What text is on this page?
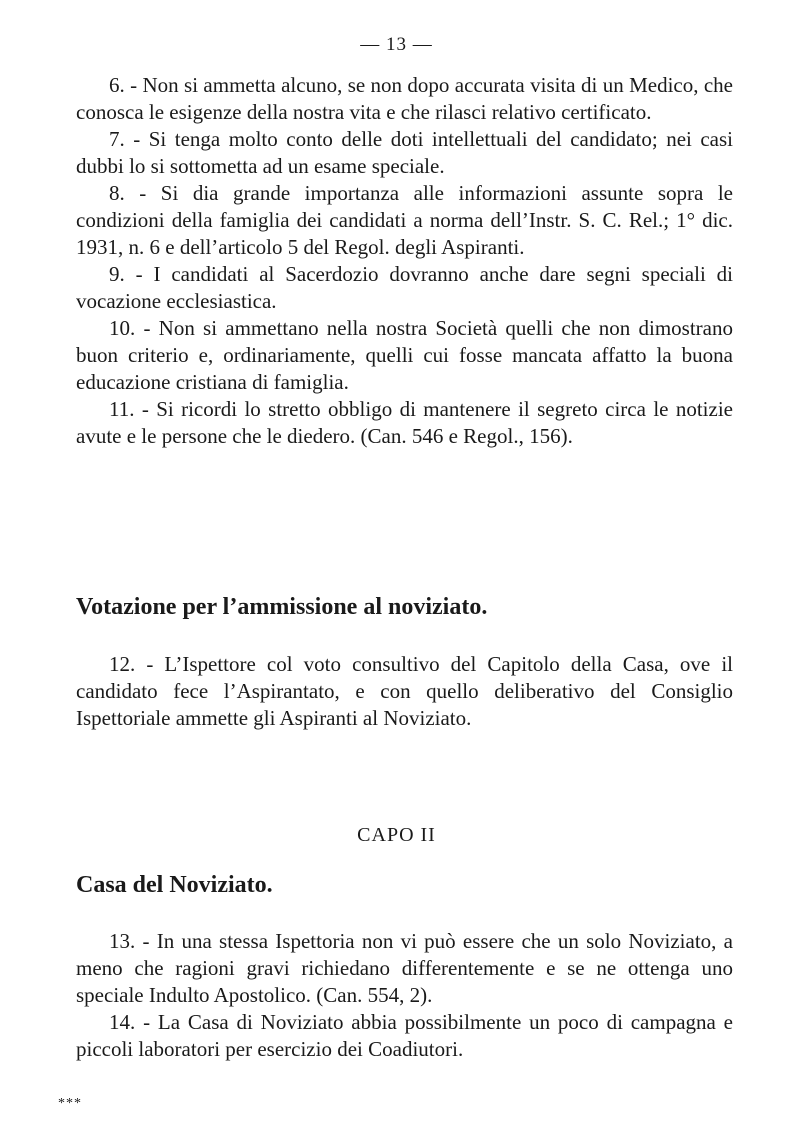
— 13 —

6. - Non si ammetta alcuno, se non dopo accurata visita di un Medico, che conosca le esigenze della nostra vita e che rilasci relativo certificato.

7. - Si tenga molto conto delle doti intellettuali del candidato; nei casi dubbi lo si sottometta ad un esame speciale.

8. - Si dia grande importanza alle informazioni assunte sopra le condizioni della famiglia dei candidati a norma dell’Instr. S. C. Rel.; 1° dic. 1931, n. 6 e dell’articolo 5 del Regol. degli Aspiranti.

9. - I candidati al Sacerdozio dovranno anche dare segni speciali di vocazione ecclesiastica.

10. - Non si ammettano nella nostra Società quelli che non dimostrano buon criterio e, ordinariamente, quelli cui fosse mancata affatto la buona educazione cristiana di famiglia.

11. - Si ricordi lo stretto obbligo di mantenere il segreto circa le notizie avute e le persone che le diedero. (Can. 546 e Regol., 156).

Votazione per l’ammissione al noviziato.

12. - L’Ispettore col voto consultivo del Capitolo della Casa, ove il candidato fece l’Aspirantato, e con quello deliberativo del Consiglio Ispettoriale ammette gli Aspiranti al Noviziato.

CAPO II
Casa del Noviziato.

13. - In una stessa Ispettoria non vi può essere che un solo Noviziato, a meno che ragioni gravi richiedano differentemente e se ne ottenga uno speciale Indulto Apostolico. (Can. 554, 2).

14. - La Casa di Noviziato abbia possibilmente un poco di campagna e piccoli laboratori per esercizio dei Coadiutori.

***
